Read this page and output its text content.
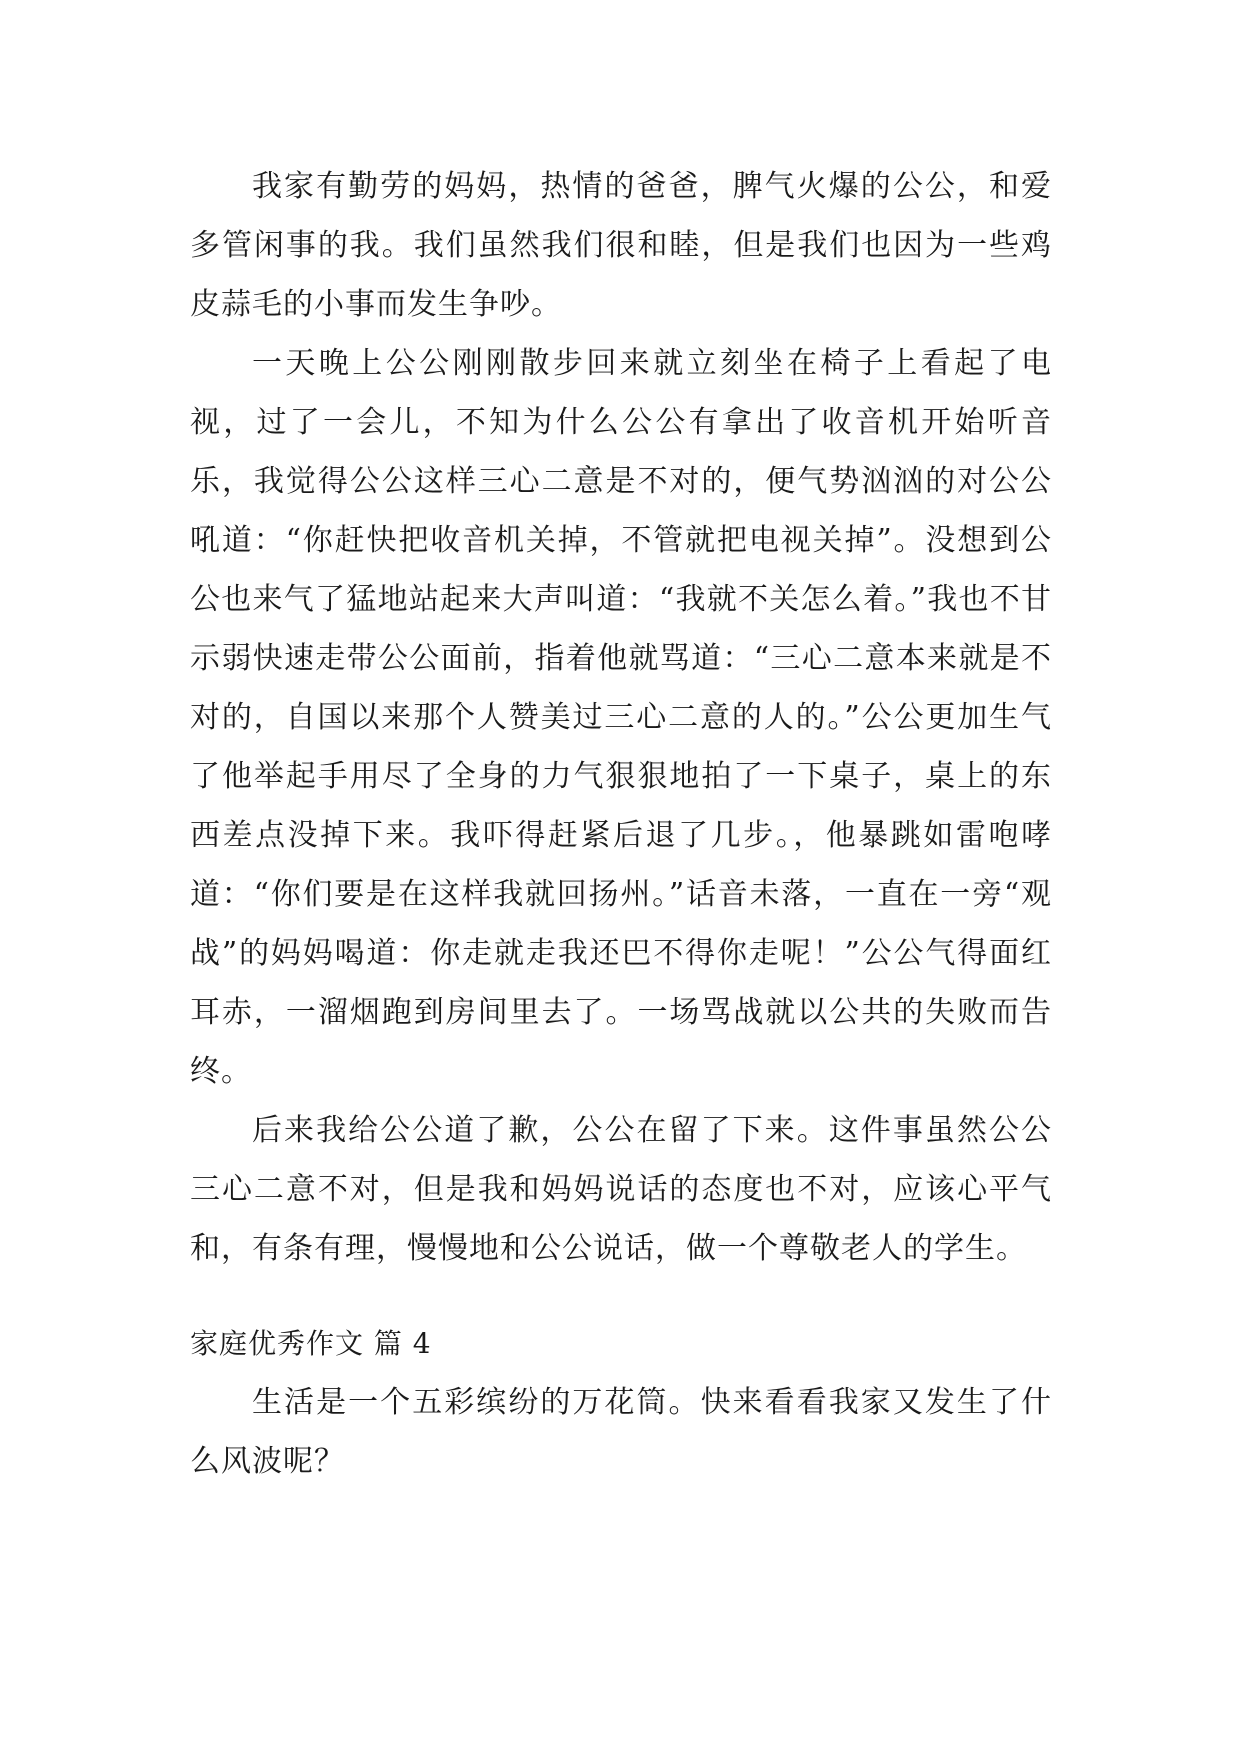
我家有勤劳的妈妈，热情的爸爸，脾气火爆的公公，和爱多管闲事的我。我们虽然我们很和睦，但是我们也因为一些鸡皮蒜毛的小事而发生争吵。

一天晚上公公刚刚散步回来就立刻坐在椅子上看起了电视，过了一会儿，不知为什么公公有拿出了收音机开始听音乐，我觉得公公这样三心二意是不对的，便气势汹汹的对公公吼道：“你赶快把收音机关掉，不管就把电视关掉”。没想到公公也来气了猛地站起来大声叫道：“我就不关怎么着。”我也不甘示弱快速走带公公面前，指着他就骂道：“三心二意本来就是不对的，自国以来那个人赞美过三心二意的人的。”公公更加生气了他举起手用尽了全身的力气狠狠地拍了一下桌子，桌上的东西差点没掉下来。我吓得赶紧后退了几步。，他暴跳如雷咆哮道：“你们要是在这样我就回扬州。”话音未落，一直在一旁“观战”的妈妈喝道：你走就走我还巴不得你走呢！”公公气得面红耳赤，一溜烟跑到房间里去了。一场骂战就以公共的失败而告终。

后来我给公公道了歉，公公在留了下来。这件事虽然公公三心二意不对，但是我和妈妈说话的态度也不对，应该心平气和，有条有理，慢慢地和公公说话，做一个尊敬老人的学生。

家庭优秀作文 篇 4

生活是一个五彩缤纷的万花筒。快来看看我家又发生了什么风波呢？
